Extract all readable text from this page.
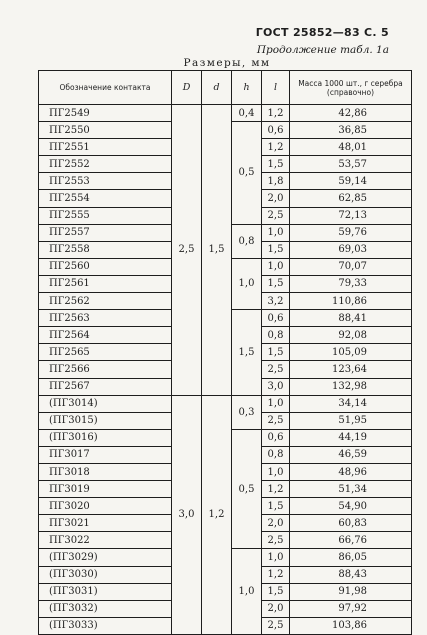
ГОСТ 25852—83 С. 5
Продолжение табл. 1а
Размеры, мм
Обозначение контакта	D	d	h	l	Масса 1000 шт., г серебра (справочно)
ПГ2549	2,5	1,5	0,4	1,2	42,86
ПГ2550			0,5	0,6	36,85
ПГ2551				1,2	48,01
ПГ2552				1,5	53,57
ПГ2553				1,8	59,14
ПГ2554				2,0	62,85
ПГ2555				2,5	72,13
ПГ2557			0,8	1,0	59,76
ПГ2558				1,5	69,03
ПГ2560			1,0	1,0	70,07
ПГ2561				1,5	79,33
ПГ2562				3,2	110,86
ПГ2563			1,5	0,6	88,41
ПГ2564				0,8	92,08
ПГ2565				1,5	105,09
ПГ2566				2,5	123,64
ПГ2567				3,0	132,98
(ПГ3014)	3,0	1,2	0,3	1,0	34,14
(ПГ3015)				2,5	51,95
(ПГ3016)			0,5	0,6	44,19
ПГ3017				0,8	46,59
ПГ3018				1,0	48,96
ПГ3019				1,2	51,34
ПГ3020				1,5	54,90
ПГ3021				2,0	60,83
ПГ3022				2,5	66,76
(ПГ3029)			1,0	1,0	86,05
(ПГ3030)				1,2	88,43
(ПГ3031)				1,5	91,98
(ПГ3032)				2,0	97,92
(ПГ3033)				2,5	103,86
